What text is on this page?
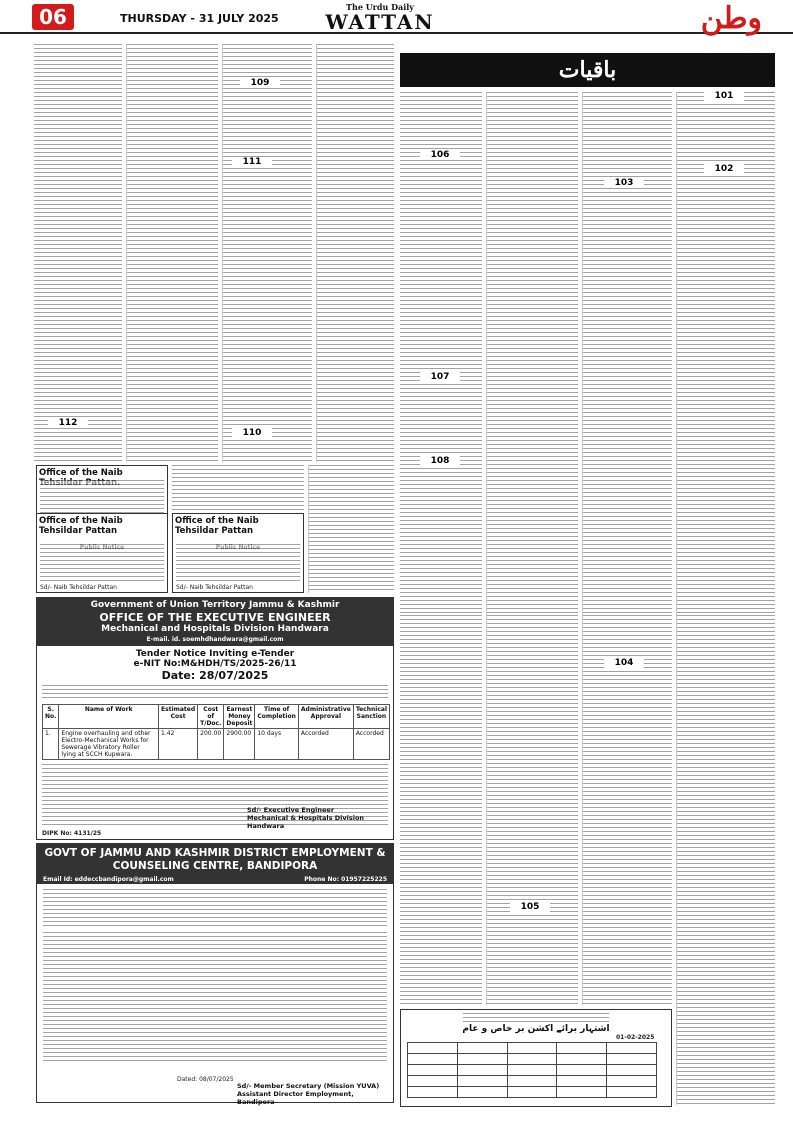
06	THURSDAY - 31 JULY 2025
The Urdu Daily
WATTAN	وطن
109
111
112
110
Office of the Naib
Office of the Naib Tehsildar Pattan
Sd/- Naib Tehsildar Pattan
Office of the Naib Tehsildar Pattan
Sd/- Naib Tehsildar Pattan
Government of Union Territory Jammu & Kashmir
OFFICE OF THE EXECUTIVE ENGINEER
Mechanical and Hospitals Division Handwara
E-mail. id. soemhdhandwara@gmail.com
Tender Notice Inviting e-Tender
e-NIT No:M&HDH/TS/2025-26/11
Date: 28/07/2025
S. No.	Name of Work	Estimated Cost	Cost of T/Doc.	Earnest Money Deposit	Time of Completion	Administrative Approval	Technical Sanction
1.	Engine overhauling and other Electro-Mechanical Works for Sewerage Vibratory Roller lying at SCCH Kupwara.	1.42	200.00	2900.00	10 days	Accorded	Accorded
Sd/- Executive Engineer
Mechanical & Hospitals Division
Handwara
DIPK No: 4131/25
GOVT OF JAMMU AND KASHMIR DISTRICT EMPLOYMENT &
COUNSELING CENTRE, BANDIPORA
Email Id: eddeccbandipora@gmail.com	Phone No: 01957225225
Sd/- Member Secretary (Mission YUVA)
Assistant Director Employment, Bandipora
Dated: 08/07/2025
باقیات
101
102
103
104
105
106
107
108
اشتہار برائے اکشن بر خاص و عام
01-02-2025
